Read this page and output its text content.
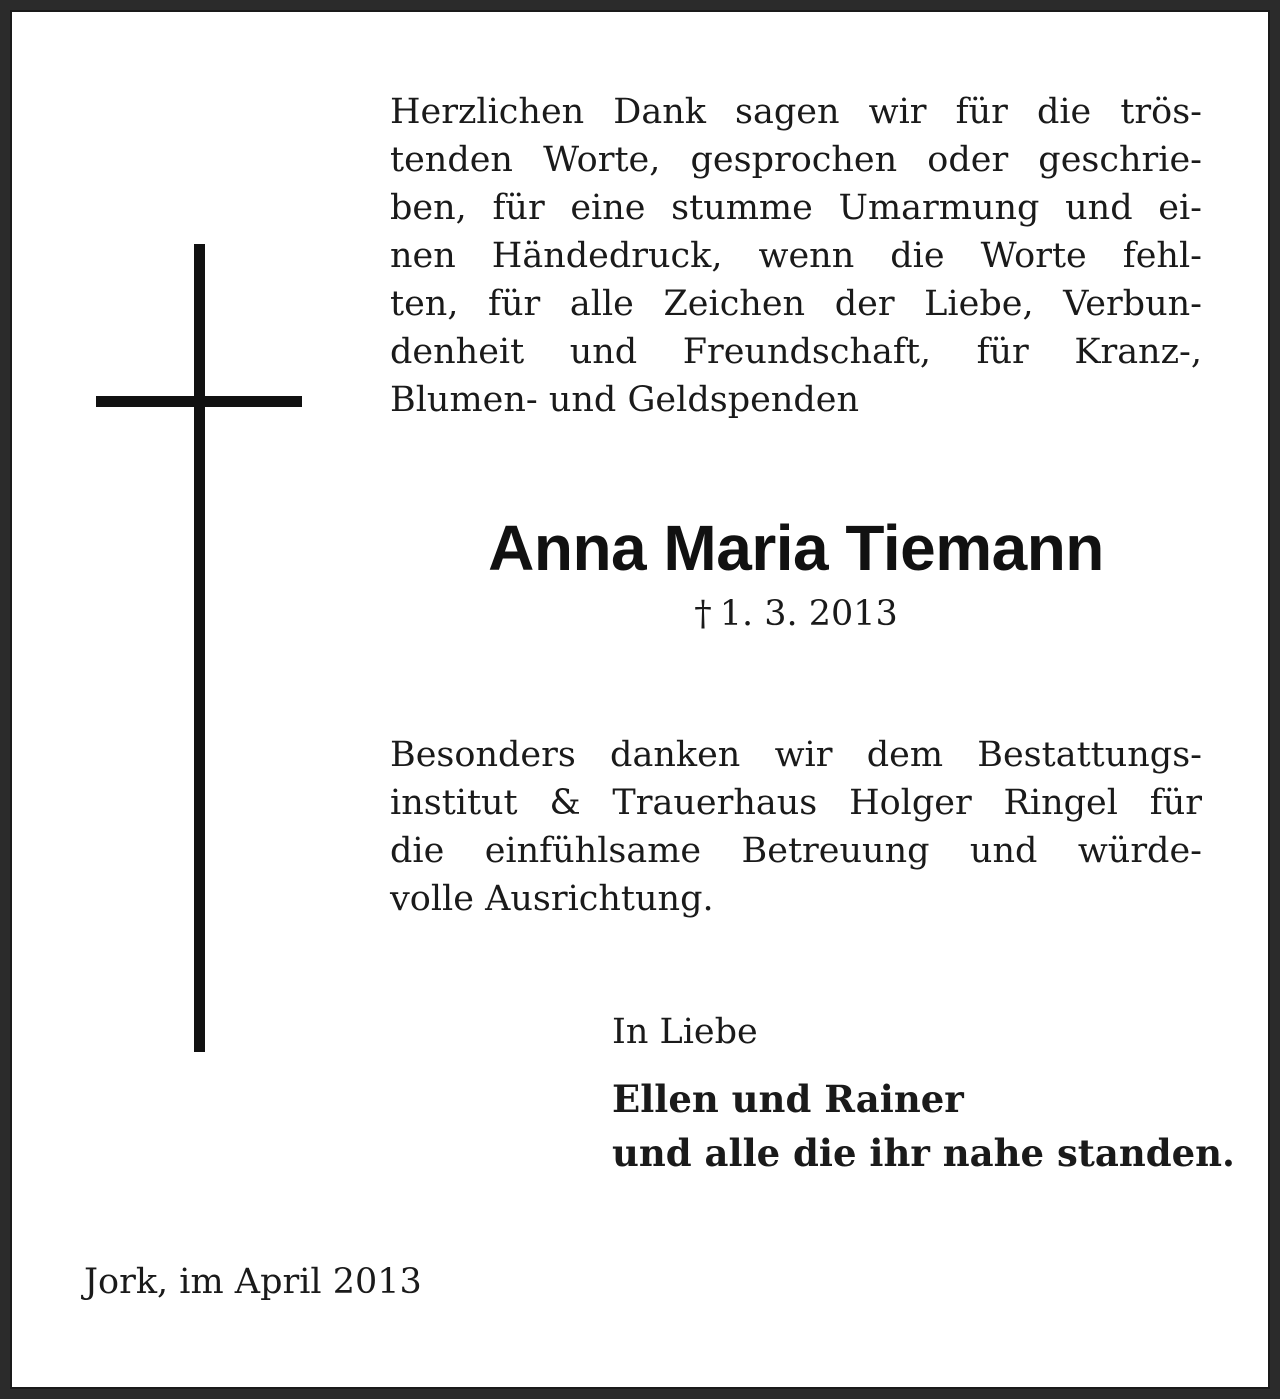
Herzlichen Dank sagen wir für die trös-
tenden Worte, gesprochen oder geschrie-
ben, für eine stumme Umarmung und ei-
nen Händedruck, wenn die Worte fehl-
ten, für alle Zeichen der Liebe, Verbun-
denheit und Freundschaft, für Kranz-,
Blumen- und Geldspenden

Anna Maria Tiemann

† 1. 3. 2013

Besonders danken wir dem Bestattungs-
institut & Trauerhaus Holger Ringel für
die einfühlsame Betreuung und würde-
volle Ausrichtung.

In Liebe

Ellen und Rainer
und alle die ihr nahe standen.

Jork, im April 2013
